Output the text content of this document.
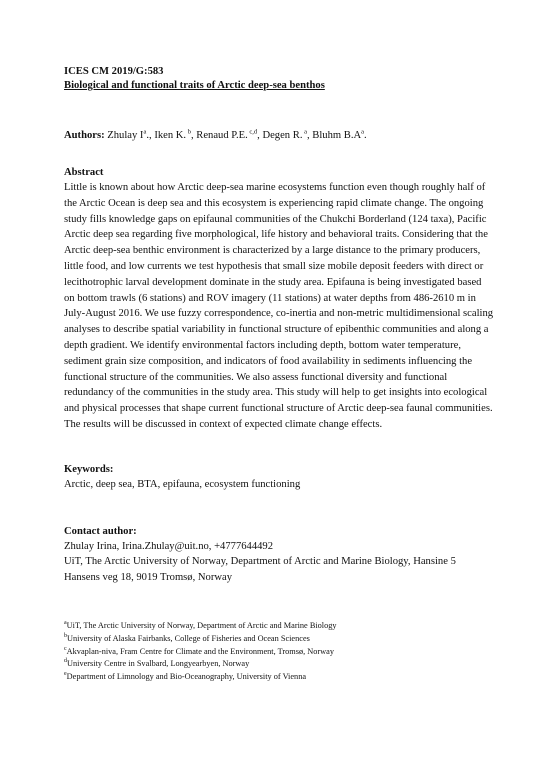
ICES CM 2019/G:583

Biological and functional traits of Arctic deep-sea benthos

Authors: Zhulay $I^a$., Iken K. $^b$, Renaud P.E. $^{c,d}$, Degen R. $^a$, Bluhm $B.A^a$.

Abstract

Little is known about how Arctic deep-sea marine ecosystems function even though roughly half of the Arctic Ocean is deep sea and this ecosystem is experiencing rapid climate change. The ongoing study fills knowledge gaps on epifaunal communities of the Chukchi Borderland (124 taxa), Pacific Arctic deep sea regarding five morphological, life history and behavioral traits. Considering that the Arctic deep-sea benthic environment is characterized by a large distance to the primary producers, little food, and low currents we test hypothesis that small size mobile deposit feeders with direct or lecithotrophic larval development dominate in the study area. Epifauna is being investigated based on bottom trawls (6 stations) and ROV imagery (11 stations) at water depths from 486-2610 m in July-August 2016. We use fuzzy correspondence, co-inertia and non-metric multidimensional scaling analyses to describe spatial variability in functional structure of epibenthic communities and along a depth gradient. We identify environmental factors including depth, bottom water temperature, sediment grain size composition, and indicators of food availability in sediments influencing the functional structure of the communities. We also assess functional diversity and functional redundancy of the communities in the study area. This study will help to get insights into ecological and physical processes that shape current functional structure of Arctic deep-sea faunal communities. The results will be discussed in context of expected climate change effects.

Keywords:

Arctic, deep sea, BTA, epifauna, ecosystem functioning

Contact author:

Zhulay Irina, Irina.Zhulay@uit.no, +4777644492

UiT, The Arctic University of Norway, Department of Arctic and Marine Biology, Hansine 5 Hansens veg 18, 9019 Tromsø, Norway

$^a$UiT, The Arctic University of Norway, Department of Arctic and Marine Biology

$^b$University of Alaska Fairbanks, College of Fisheries and Ocean Sciences

$^c$Akvaplan-niva, Fram Centre for Climate and the Environment, Tromsø, Norway

$^d$University Centre in Svalbard, Longyearbyen, Norway

$^e$Department of Limnology and Bio-Oceanography, University of Vienna
